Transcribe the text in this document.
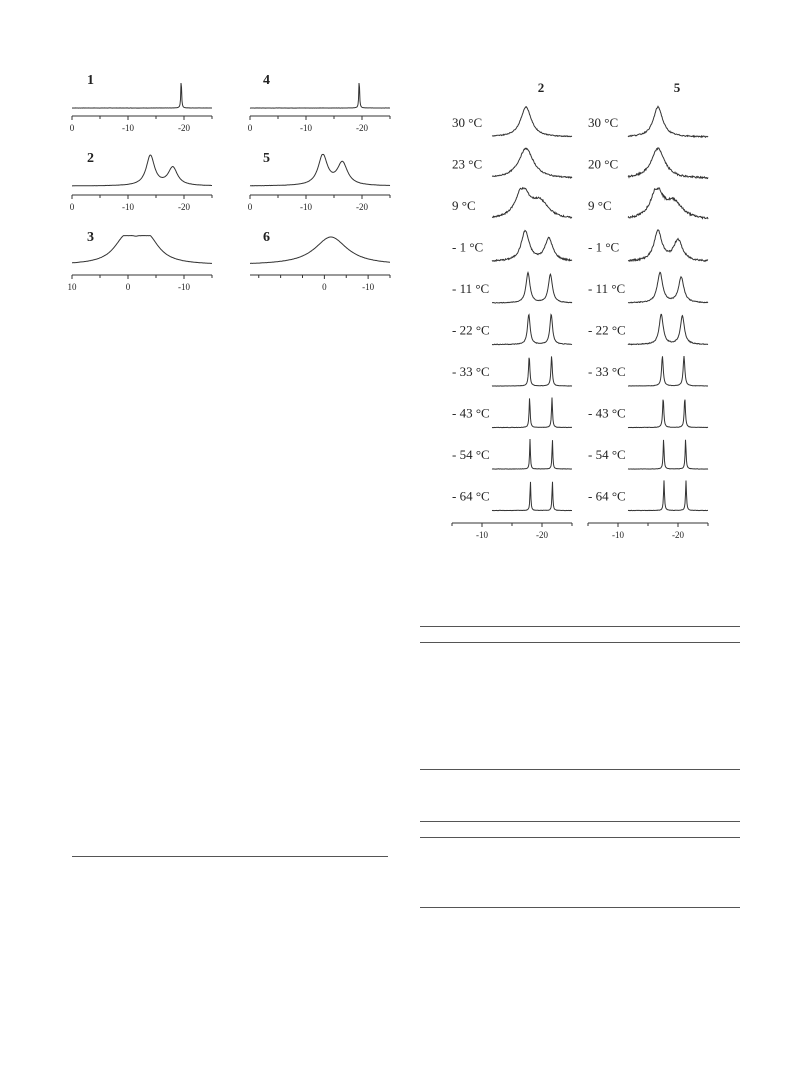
1
0	-10	-20
4
0	-10	-20
2
0	-10	-20
5
0	-10	-20
3
10	0	-10
6
0	-10
2
30 °C
23 °C
9 °C
- 1 °C
- 11 °C
- 22 °C
- 33 °C
- 43 °C
- 54 °C
- 64 °C
-10	-20
5
30 °C
20 °C
9 °C
- 1 °C
- 11 °C
- 22 °C
- 33 °C
- 43 °C
- 54 °C
- 64 °C
-10	-20
